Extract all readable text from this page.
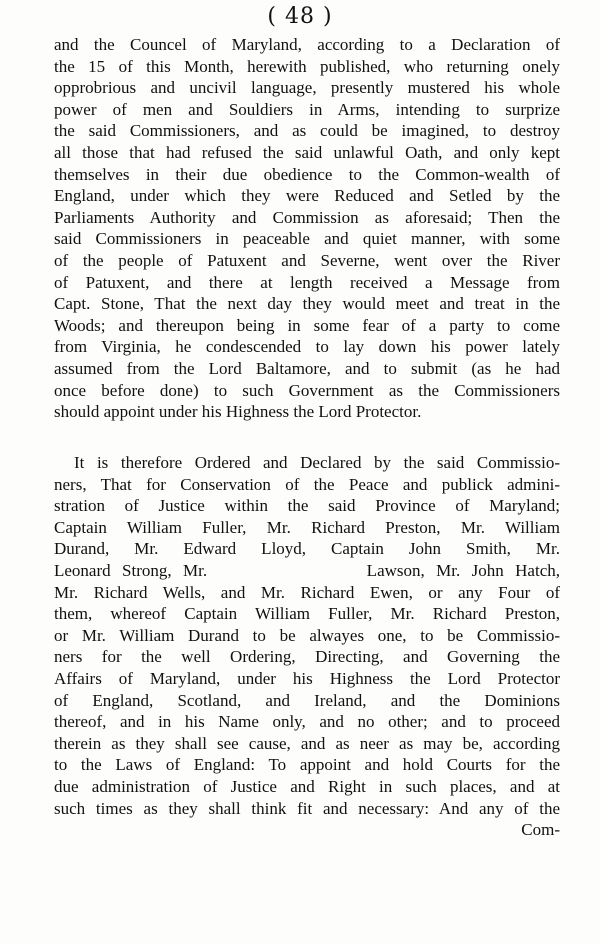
( 48 )
and the Councel of Maryland, according to a Declaration of
the 15 of this Month, herewith published, who returning onely
opprobrious and uncivil language, presently mustered his whole
power of men and Souldiers in Arms, intending to surprize
the said Commissioners, and as could be imagined, to destroy
all those that had refused the said unlawful Oath, and only kept
themselves in their due obedience to the Common-wealth of
England, under which they were Reduced and Setled by the
Parliaments Authority and Commission as aforesaid; Then the
said Commissioners in peaceable and quiet manner, with some
of the people of Patuxent and Severne, went over the River
of Patuxent, and there at length received a Message from
Capt. Stone, That the next day they would meet and treat in the
Woods; and thereupon being in some fear of a party to come
from Virginia, he condescended to lay down his power lately
assumed from the Lord Baltamore, and to submit (as he had
once before done) to such Government as the Commissioners
should appoint under his Highness the Lord Protector.
It is therefore Ordered and Declared by the said Commissio-
ners, That for Conservation of the Peace and publick admini-
stration of Justice within the said Province of Maryland;
Captain William Fuller, Mr. Richard Preston, Mr. William
Durand, Mr. Edward Lloyd, Captain John Smith, Mr.
Leonard Strong, Mr.              Lawson, Mr. John Hatch,
Mr. Richard Wells, and Mr. Richard Ewen, or any Four of
them, whereof Captain William Fuller, Mr. Richard Preston,
or Mr. William Durand to be alwayes one, to be Commissio-
ners for the well Ordering, Directing, and Governing the
Affairs of Maryland, under his Highness the Lord Protector
of England, Scotland, and Ireland, and the Dominions
thereof, and in his Name only, and no other; and to proceed
therein as they shall see cause, and as neer as may be, according
to the Laws of England: To appoint and hold Courts for the
due administration of Justice and Right in such places, and at
such times as they shall think fit and necessary: And any of the
Com-
